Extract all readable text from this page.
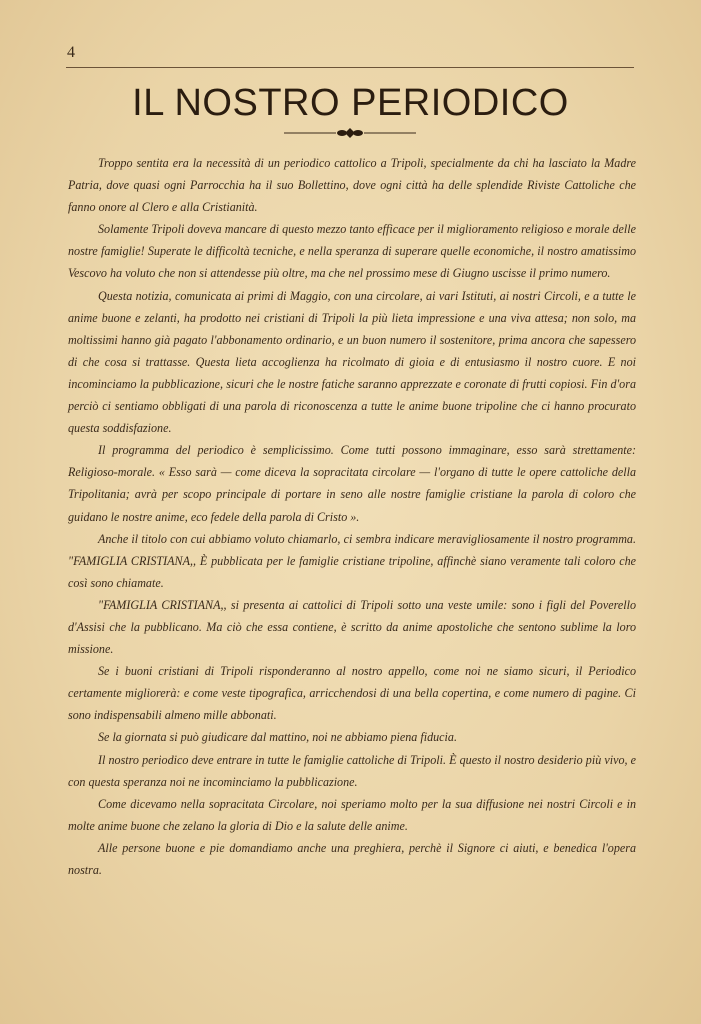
4
IL NOSTRO PERIODICO

Troppo sentita era la necessità di un periodico cattolico a Tripoli, specialmente da chi ha lasciato la Madre Patria, dove quasi ogni Parrocchia ha il suo Bollettino, dove ogni città ha delle splendide Riviste Cattoliche che fanno onore al Clero e alla Cristianità.

Solamente Tripoli doveva mancare di questo mezzo tanto efficace per il miglioramento religioso e morale delle nostre famiglie! Superate le difficoltà tecniche, e nella speranza di superare quelle economiche, il nostro amatissimo Vescovo ha voluto che non si attendesse più oltre, ma che nel prossimo mese di Giugno uscisse il primo numero.

Questa notizia, comunicata ai primi di Maggio, con una circolare, ai vari Istituti, ai nostri Circoli, e a tutte le anime buone e zelanti, ha prodotto nei cristiani di Tripoli la più lieta impressione e una viva attesa; non solo, ma moltissimi hanno già pagato l'abbonamento ordinario, e un buon numero il sostenitore, prima ancora che sapessero di che cosa si trattasse. Questa lieta accoglienza ha ricolmato di gioia e di entusiasmo il nostro cuore. E noi incominciamo la pubblicazione, sicuri che le nostre fatiche saranno apprezzate e coronate di frutti copiosi. Fin d'ora perciò ci sentiamo obbligati di una parola di riconoscenza a tutte le anime buone tripoline che ci hanno procurato questa soddisfazione.

Il programma del periodico è semplicissimo. Come tutti possono immaginare, esso sarà strettamente: Religioso-morale. « Esso sarà — come diceva la sopracitata circolare — l'organo di tutte le opere cattoliche della Tripolitania; avrà per scopo principale di portare in seno alle nostre famiglie cristiane la parola di coloro che guidano le nostre anime, eco fedele della parola di Cristo ».

Anche il titolo con cui abbiamo voluto chiamarlo, ci sembra indicare meravigliosamente il nostro programma. "FAMIGLIA CRISTIANA,, È pubblicata per le famiglie cristiane tripoline, affinchè siano veramente tali coloro che così sono chiamate.

"FAMIGLIA CRISTIANA,, si presenta ai cattolici di Tripoli sotto una veste umile: sono i figli del Poverello d'Assisi che la pubblicano. Ma ciò che essa contiene, è scritto da anime apostoliche che sentono sublime la loro missione.

Se i buoni cristiani di Tripoli risponderanno al nostro appello, come noi ne siamo sicuri, il Periodico certamente migliorerà: e come veste tipografica, arricchendosi di una bella copertina, e come numero di pagine. Ci sono indispensabili almeno mille abbonati.

Se la giornata si può giudicare dal mattino, noi ne abbiamo piena fiducia.

Il nostro periodico deve entrare in tutte le famiglie cattoliche di Tripoli. È questo il nostro desiderio più vivo, e con questa speranza noi ne incominciamo la pubblicazione.

Come dicevamo nella sopracitata Circolare, noi speriamo molto per la sua diffusione nei nostri Circoli e in molte anime buone che zelano la gloria di Dio e la salute delle anime.

Alle persone buone e pie domandiamo anche una preghiera, perchè il Signore ci aiuti, e benedica l'opera nostra.
